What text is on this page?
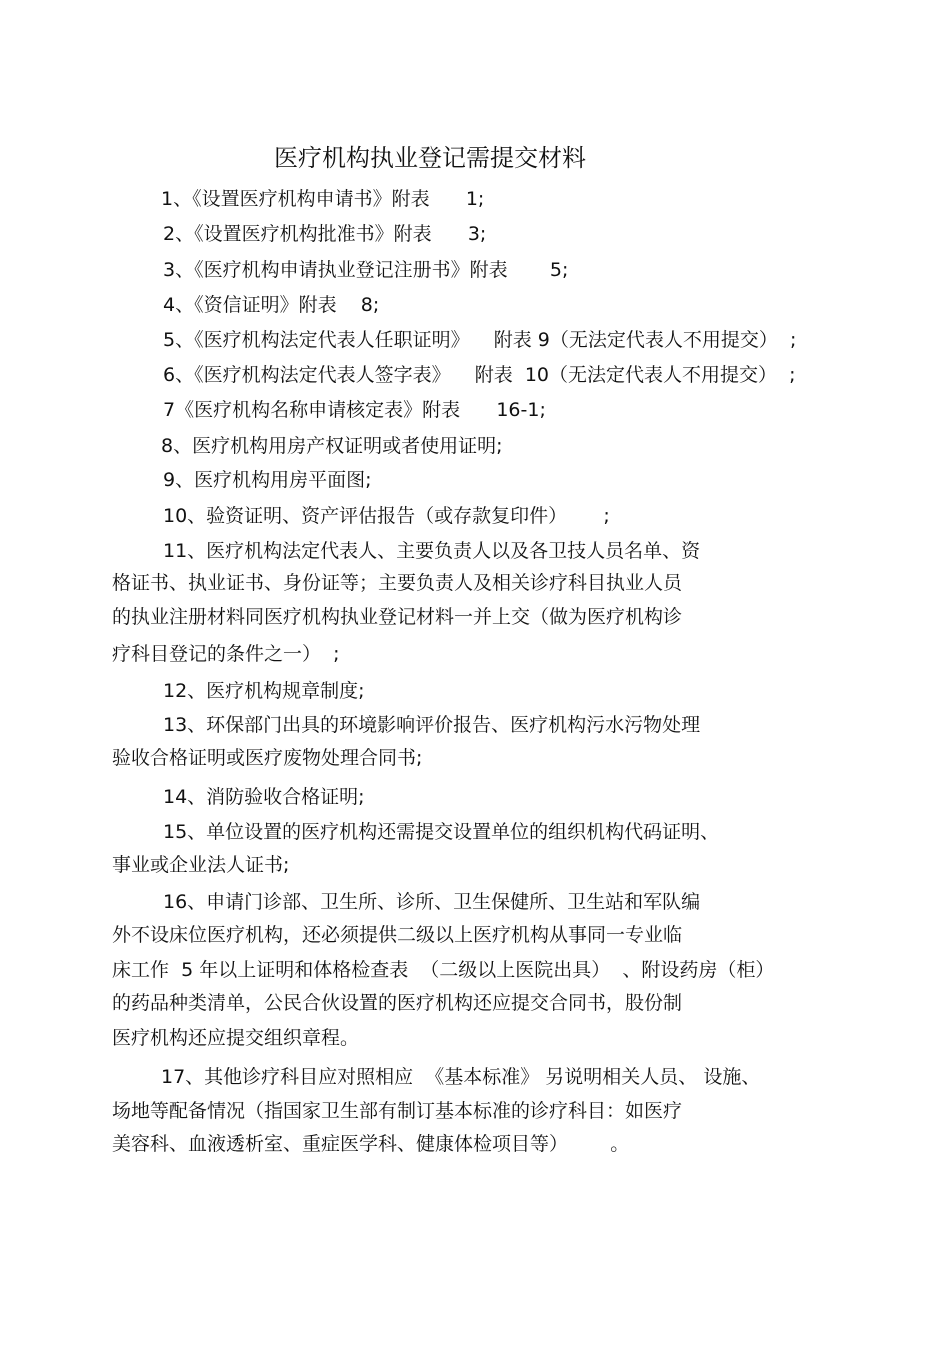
医疗机构执业登记需提交材料
1、《设置医疗机构申请书》附表      1;
2、《设置医疗机构批准书》附表      3;
3、《医疗机构申请执业登记注册书》附表       5;
4、《资信证明》附表    8;
5、《医疗机构法定代表人任职证明》    附表 9（无法定代表人不用提交）  ;
6、《医疗机构法定代表人签字表》    附表  10（无法定代表人不用提交）  ;
7《医疗机构名称申请核定表》附表      16-1;
8、医疗机构用房产权证明或者使用证明;
9、医疗机构用房平面图;
10、验资证明、资产评估报告（或存款复印件）      ;
11、医疗机构法定代表人、主要负责人以及各卫技人员名单、资
格证书、执业证书、身份证等；主要负责人及相关诊疗科目执业人员
的执业注册材料同医疗机构执业登记材料一并上交（做为医疗机构诊
疗科目登记的条件之一）  ;
12、医疗机构规章制度;
13、环保部门出具的环境影响评价报告、医疗机构污水污物处理
验收合格证明或医疗废物处理合同书;
14、消防验收合格证明;
15、单位设置的医疗机构还需提交设置单位的组织机构代码证明、
事业或企业法人证书;
16、申请门诊部、卫生所、诊所、卫生保健所、卫生站和军队编
外不设床位医疗机构，还必须提供二级以上医疗机构从事同一专业临
床工作  5 年以上证明和体格检查表  （二级以上医院出具）  、附设药房（柜）
的药品种类清单，公民合伙设置的医疗机构还应提交合同书，股份制
医疗机构还应提交组织章程。
17、其他诊疗科目应对照相应  《基本标准》 另说明相关人员、 设施、
场地等配备情况（指国家卫生部有制订基本标准的诊疗科目：如医疗
美容科、血液透析室、重症医学科、健康体检项目等）       。
